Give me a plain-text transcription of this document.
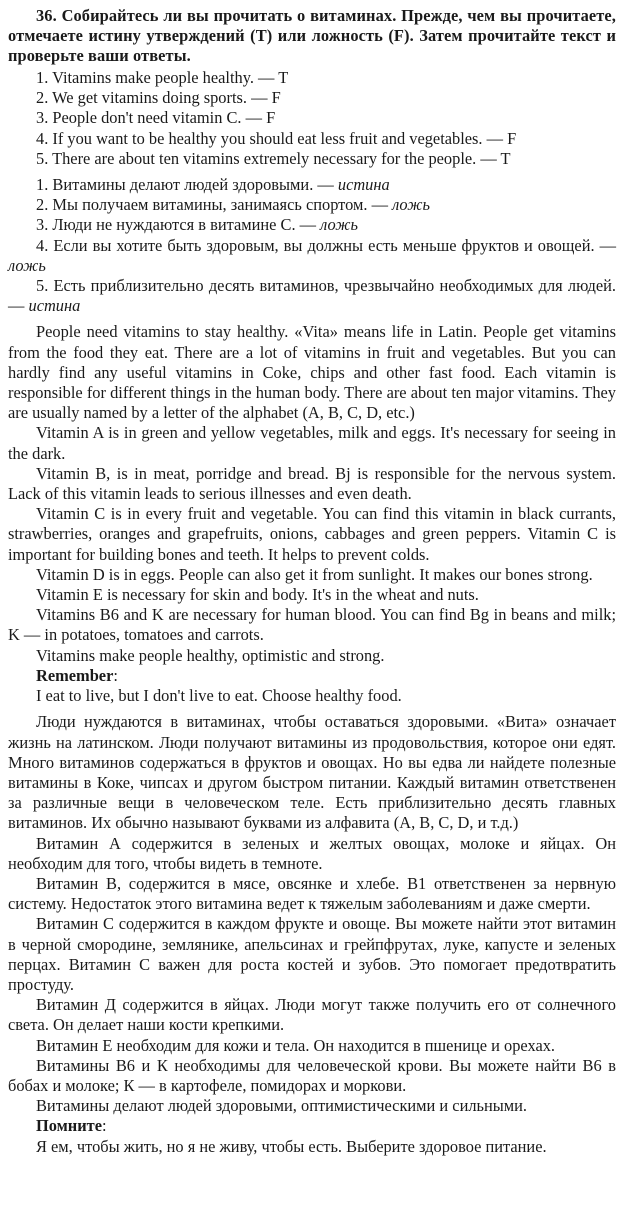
36. Собирайтесь ли вы прочитать о витаминах. Прежде, чем вы прочитаете, отмечаете истину утверждений (T) или ложность (F). Затем прочитайте текст и проверьте ваши ответы.

1. Vitamins make people healthy. — T

2. We get vitamins doing sports. — F

3. People don't need vitamin C. — F

4. If you want to be healthy you should eat less fruit and vegetables. — F

5. There are about ten vitamins extremely necessary for the people. — T

1. Витамины делают людей здоровыми. — истина

2. Мы получаем витамины, занимаясь спортом. — ложь

3. Люди не нуждаются в витамине С. — ложь

4. Если вы хотите быть здоровым, вы должны есть меньше фруктов и овощей. — ложь

5. Есть приблизительно десять витаминов, чрезвычайно необходимых для людей. — истина

People need vitamins to stay healthy. «Vita» means life in Latin. People get vitamins from the food they eat. There are a lot of vitamins in fruit and vegetables. But you can hardly find any useful vitamins in Coke, chips and other fast food. Each vitamin is responsible for different things in the human body. There are about ten major vitamins. They are usually named by a letter of the alphabet (A, B, C, D, etc.)

Vitamin A is in green and yellow vegetables, milk and eggs. It's necessary for seeing in the dark.

Vitamin B, is in meat, porridge and bread. Bj is responsible for the nervous system. Lack of this vitamin leads to serious illnesses and even death.

Vitamin C is in every fruit and vegetable. You can find this vitamin in black currants, strawberries, oranges and grapefruits, onions, cabbages and green peppers. Vitamin C is important for building bones and teeth. It helps to prevent colds.

Vitamin D is in eggs. People can also get it from sunlight. It makes our bones strong.

Vitamin E is necessary for skin and body. It's in the wheat and nuts.

Vitamins B6 and K are necessary for human blood. You can find Bg in beans and milk; K — in potatoes, tomatoes and carrots.

Vitamins make people healthy, optimistic and strong.

Remember:

I eat to live, but I don't live to eat. Choose healthy food.

Люди нуждаются в витаминах, чтобы оставаться здоровыми. «Вита» означает жизнь на латинском. Люди получают витамины из продовольствия, которое они едят. Много витаминов содержаться в фруктов и овощах. Но вы едва ли найдете полезные витамины в Коке, чипсах и другом быстром питании. Каждый витамин ответственен за различные вещи в человеческом теле. Есть приблизительно десять главных витаминов. Их обычно называют буквами из алфавита (А, В, С, D, и т.д.)

Витамин А содержится в зеленых и желтых овощах, молоке и яйцах. Он необходим для того, чтобы видеть в темноте.

Витамин В, содержится в мясе, овсянке и хлебе. В1 ответственен за нервную систему. Недостаток этого витамина ведет к тяжелым заболеваниям и даже смерти.

Витамин С содержится в каждом фрукте и овоще. Вы можете найти этот витамин в черной смородине, землянике, апельсинах и грейпфрутах, луке, капусте и зеленых перцах. Витамин С важен для роста костей и зубов. Это помогает предотвратить простуду.

Витамин Д содержится в яйцах. Люди могут также получить его от солнечного света. Он делает наши кости крепкими.

Витамин Е необходим для кожи и тела. Он находится в пшенице и орехах.

Витамины В6 и К необходимы для человеческой крови. Вы можете найти В6 в бобах и молоке; К — в картофеле, помидорах и моркови.

Витамины делают людей здоровыми, оптимистическими и сильными.

Помните:

Я ем, чтобы жить, но я не живу, чтобы есть. Выберите здоровое питание.
